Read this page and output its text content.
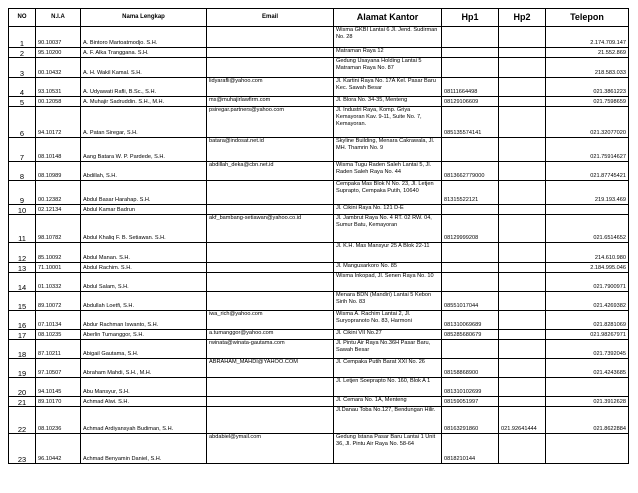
NO	N.I.A	Nama Lengkap	Email	Alamat Kantor	Hp1	Hp2	Telepon
1	90.10037	A. Bintoro Martoatmodjo. S.H.		Wisma GKBI Lantai 6 Jl. Jend. Sudirman No. 28			2.174.709.147
2	95.10200	A. F. Alka Tranggana. S.H.		Matraman Raya 12			21.552.869
3	00.10432	A. H. Wakil Kamal. S.H.		Gedung Usayana Holding Lantai 5 Matraman Raya No. 87			218.583.033
4	93.10531	A. Udyawati Rafli, B.Sc., S.H.	lidyarafli@yahoo.com	Jl. Kartini Raya No. 17A Kel. Pasar Baru Kec. Sawah Besar	08111664498		021.3861223
5	00.12058	A. Muhajir Sadruddin. S.H., M.H.	ms@muhajirlawfirm.com	Jl. Blora No. 34-35, Menteng	08129106609		021.7598659
6	94.10172	A. Patan Siregar, S.H.	psiregar.partners@yahoo.com	Jl. Industri Raya, Komp. Griya Kemayoran Kav. 9-11, Suite No. 7, Kemayoran.	085135574141		021.32077020
7	08.10148	Aang Batara W. P. Pardede, S.H.	batara@indosat.net.id	Skyline Building, Menara Cakrawala, Jl. MH. Thamrin No. 9			021.75914627
8	08.10989	Abdillah, S.H.	abdillah_deka@cbn.net.id	Wisma Tugu Raden Saleh Lantai 5, Jl. Raden Saleh Raya No. 44	0813662779000		021.87745421
9	00.12382	Abdul Basar Harahap. S.H.		Cempaka Mas Blok N No. 23, Jl. Letjen Suprapto, Cempaka Putih, 10640	81315522121		219.193.469
10	02.12134	Abdul Kamar Badrun		Jl. Cikini Raya No. 121 D-E			
11	98.10782	Abdul Khaliq F. B. Setiawan. S.H.	akf_bambang-setiawan@yahoo.co.id	Jl. Jambrut Raya No. 4 RT. 02 RW. 04, Sumur Batu, Kemayoran	08129999208		021.6514652
12	85.10092	Abdul Manan. S.H.		Jl. K.H. Mas Mansyur 25 A Blok 22-11			214.610.980
13	71.10001	Abdul Rachim. S.H.		Jl. Mangusarkoro No. 85			2.184.995.046
14	01.10332	Abdul Salam, S.H.		Wisma Inkopad, Jl. Senen Raya No. 10			021.7900971
15	89.10072	Abdullah Loetfi, S.H.		Menara BDN (Mandiri) Lantai 5 Kebon Sirih No. 83	08551017044		021.4269382
16	07.10134	Abdur Rachman Iswanto, S.H.	iwa_rich@yahoo.com	Wisma A. Rachim Lantai 2, Jl. Suryopranoto No. 83, Harmoni	081310069689		021.8281069
17	08.10235	Aberlin Tumanggor, S.H.	a.tumanggor@yahoo.com	Jl. Cikini VII No.27	085285680679		021.98267971
18	87.10211	Abigail Gautama, S.H.	rwinata@winata-gautama.com	Jl. Pintu Air Raya No.36H Pasar Baru, Sawah Besar			021.7392045
19	97.10507	Abraham Mahdi, S.H., M.H.	ABRAHAM_MAHDI@YAHOO.COM	Jl. Cempaka Putih Barat XXI No. 26	08158868900		021.4243685
20	94.10145	Abu Mansyur, S.H.		Jl. Letjen Soeprapto No. 160, Blok A 1	081310102699		
21	89.10170	Achmad Alwi. S.H.		Jl. Cemara No. 1A, Menteng	08159051997		021.3912628
22	08.10236	Achmad Ardiyansyah Budiman, S.H.		Jl.Danau Toba No.127, Bendungan Hilir.	08163291860	021.92641444	021.8622884
23	96.10442	Achmad Benyamin Daniel, S.H.	abdabiel@ymail.com	Gedung Istana Pasar Baru Lantai 1 Unit 36, Jl. Pintu Air Raya No. 58-64	0818210144		
